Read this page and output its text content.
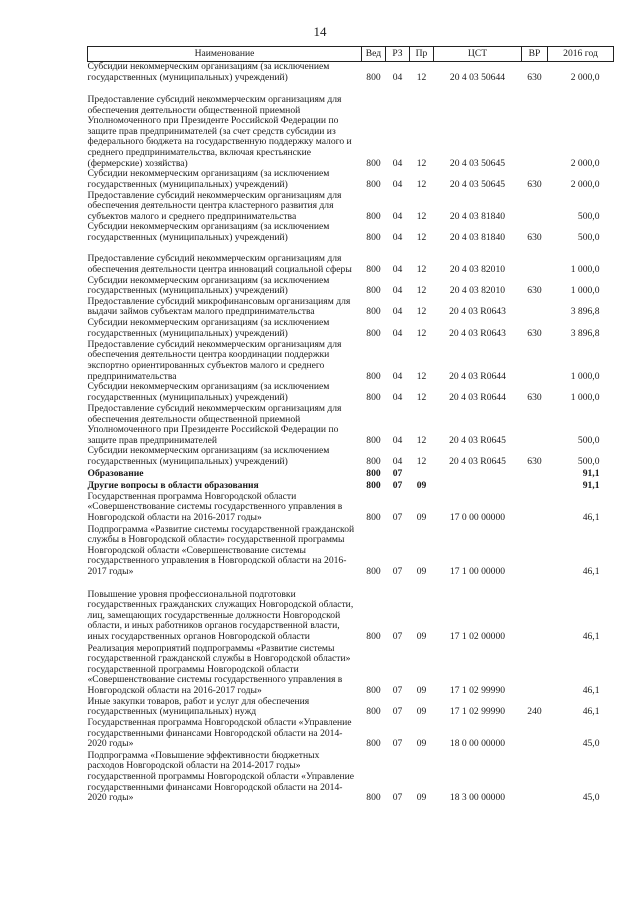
14
Наименование	Вед	РЗ	Пр	ЦСТ	ВР	2016 год
Субсидии некоммерческим организациям (за исключением государственных (муниципальных) учреждений)	800	04	12	20 4 03 50644	630	2 000,0
Предоставление субсидий некоммерческим организациям для обеспечения деятельности общественной приемной Уполномоченного при Президенте Российской Федерации по защите прав предпринимателей (за счет средств субсидии из федерального бюджета на государственную поддержку малого и среднего предпринимательства, включая крестьянские (фермерские) хозяйства)	800	04	12	20 4 03 50645		2 000,0
Субсидии некоммерческим организациям (за исключением государственных (муниципальных) учреждений)	800	04	12	20 4 03 50645	630	2 000,0
Предоставление субсидий некоммерческим организациям для обеспечения деятельности центра кластерного развития для субъектов малого и среднего предпринимательства	800	04	12	20 4 03 81840		500,0
Субсидии некоммерческим организациям (за исключением государственных (муниципальных) учреждений)	800	04	12	20 4 03 81840	630	500,0
Предоставление субсидий некоммерческим организациям для обеспечения деятельности центра инноваций социальной сферы	800	04	12	20 4 03 82010		1 000,0
Субсидии некоммерческим организациям (за исключением государственных (муниципальных) учреждений)	800	04	12	20 4 03 82010	630	1 000,0
Предоставление субсидий микрофинансовым организациям для выдачи займов субъектам малого предпринимательства	800	04	12	20 4 03 R0643		3 896,8
Субсидии некоммерческим организациям (за исключением государственных (муниципальных) учреждений)	800	04	12	20 4 03 R0643	630	3 896,8
Предоставление субсидий некоммерческим организациям для обеспечения деятельности центра координации поддержки экспортно ориентированных субъектов малого и среднего предпринимательства	800	04	12	20 4 03 R0644		1 000,0
Субсидии некоммерческим организациям (за исключением государственных (муниципальных) учреждений)	800	04	12	20 4 03 R0644	630	1 000,0
Предоставление субсидий некоммерческим организациям для обеспечения деятельности общественной приемной Уполномоченного при Президенте Российской Федерации по защите прав предпринимателей	800	04	12	20 4 03 R0645		500,0
Субсидии некоммерческим организациям (за исключением государственных (муниципальных) учреждений)	800	04	12	20 4 03 R0645	630	500,0
Образование	800	07				91,1
Другие вопросы в области образования	800	07	09			91,1
Государственная программа Новгородской области «Совершенствование системы государственного управления в Новгородской области на 2016-2017 годы»	800	07	09	17 0 00 00000		46,1
Подпрограмма «Развитие системы государственной гражданской службы в Новгородской области» государственной программы Новгородской области «Совершенствование системы государственного управления в Новгородской области на 2016-2017 годы»	800	07	09	17 1 00 00000		46,1
Повышение уровня профессиональной подготовки государственных гражданских служащих Новгородской области, лиц, замещающих государственные должности Новгородской области, и иных работников органов государственной власти, иных государственных органов Новгородской области	800	07	09	17 1 02 00000		46,1
Реализация мероприятий подпрограммы «Развитие системы государственной гражданской службы в Новгородской области» государственной программы Новгородской области «Совершенствование системы государственного управления в Новгородской области на 2016-2017 годы»	800	07	09	17 1 02 99990		46,1
Иные закупки товаров, работ и услуг для обеспечения государственных (муниципальных) нужд	800	07	09	17 1 02 99990	240	46,1
Государственная программа Новгородской области «Управление государственными финансами Новгородской области на 2014-2020 годы»	800	07	09	18 0 00 00000		45,0
Подпрограмма «Повышение эффективности бюджетных расходов Новгородской области на 2014-2017 годы» государственной программы Новгородской области «Управление государственными финансами Новгородской области на 2014-2020 годы»	800	07	09	18 3 00 00000		45,0
